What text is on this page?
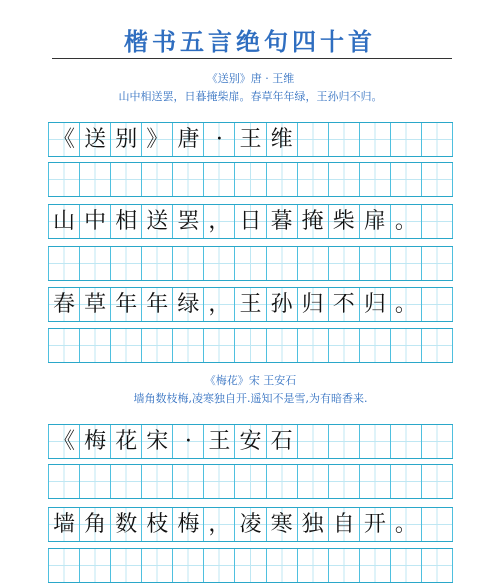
楷书五言绝句四十首
《送别》唐 · 王维
山中相送罢，日暮掩柴扉。春草年年绿，王孙归不归。
《梅花》宋 王安石
墙角数枝梅,凌寒独自开.遥知不是雪,为有暗香来.
《 送 别 》 唐 · 王 维
山 中 相 送 罢 ， 日 暮 掩 柴 扉 。
春 草 年 年 绿 ， 王 孙 归 不 归 。
《 梅 花 宋 · 王 安 石
墙 角 数 枝 梅 ， 凌 寒 独 自 开 。
